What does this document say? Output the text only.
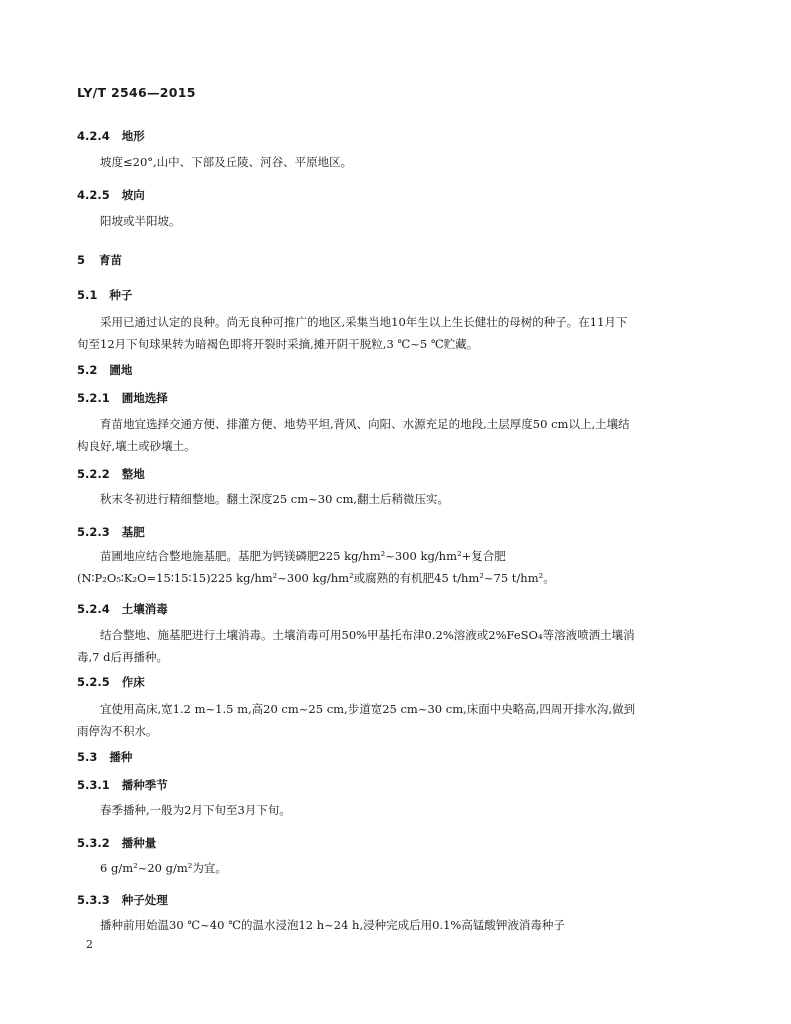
LY/T 2546—2015
4.2.4 地形
坡度≤20°,山中、下部及丘陵、河谷、平原地区。
4.2.5 坡向
阳坡或半阳坡。
5 育苗
5.1 种子
采用已通过认定的良种。尚无良种可推广的地区,采集当地10年生以上生长健壮的母树的种子。在11月下旬至12月下旬球果转为暗褐色即将开裂时采摘,摊开阴干脱粒,3 ℃~5 ℃贮藏。
5.2 圃地
5.2.1 圃地选择
育苗地宜选择交通方便、排灌方便、地势平坦,背风、向阳、水源充足的地段,土层厚度50 cm以上,土壤结构良好,壤土或砂壤土。
5.2.2 整地
秋末冬初进行精细整地。翻土深度25 cm~30 cm,翻土后稍微压实。
5.2.3 基肥
苗圃地应结合整地施基肥。基肥为钙镁磷肥225 kg/hm²~300 kg/hm²+复合肥(N∶P₂O₅∶K₂O=15∶15∶15)225 kg/hm²~300 kg/hm²或腐熟的有机肥45 t/hm²~75 t/hm²。
5.2.4 土壤消毒
结合整地、施基肥进行土壤消毒。土壤消毒可用50%甲基托布津0.2%溶液或2%FeSO₄等溶液喷洒土壤消毒,7 d后再播种。
5.2.5 作床
宜使用高床,宽1.2 m~1.5 m,高20 cm~25 cm,步道宽25 cm~30 cm,床面中央略高,四周开排水沟,做到雨停沟不积水。
5.3 播种
5.3.1 播种季节
春季播种,一般为2月下旬至3月下旬。
5.3.2 播种量
6 g/m²~20 g/m²为宜。
5.3.3 种子处理
播种前用始温30 ℃~40 ℃的温水浸泡12 h~24 h,浸种完成后用0.1%高锰酸钾液消毒种子
2
